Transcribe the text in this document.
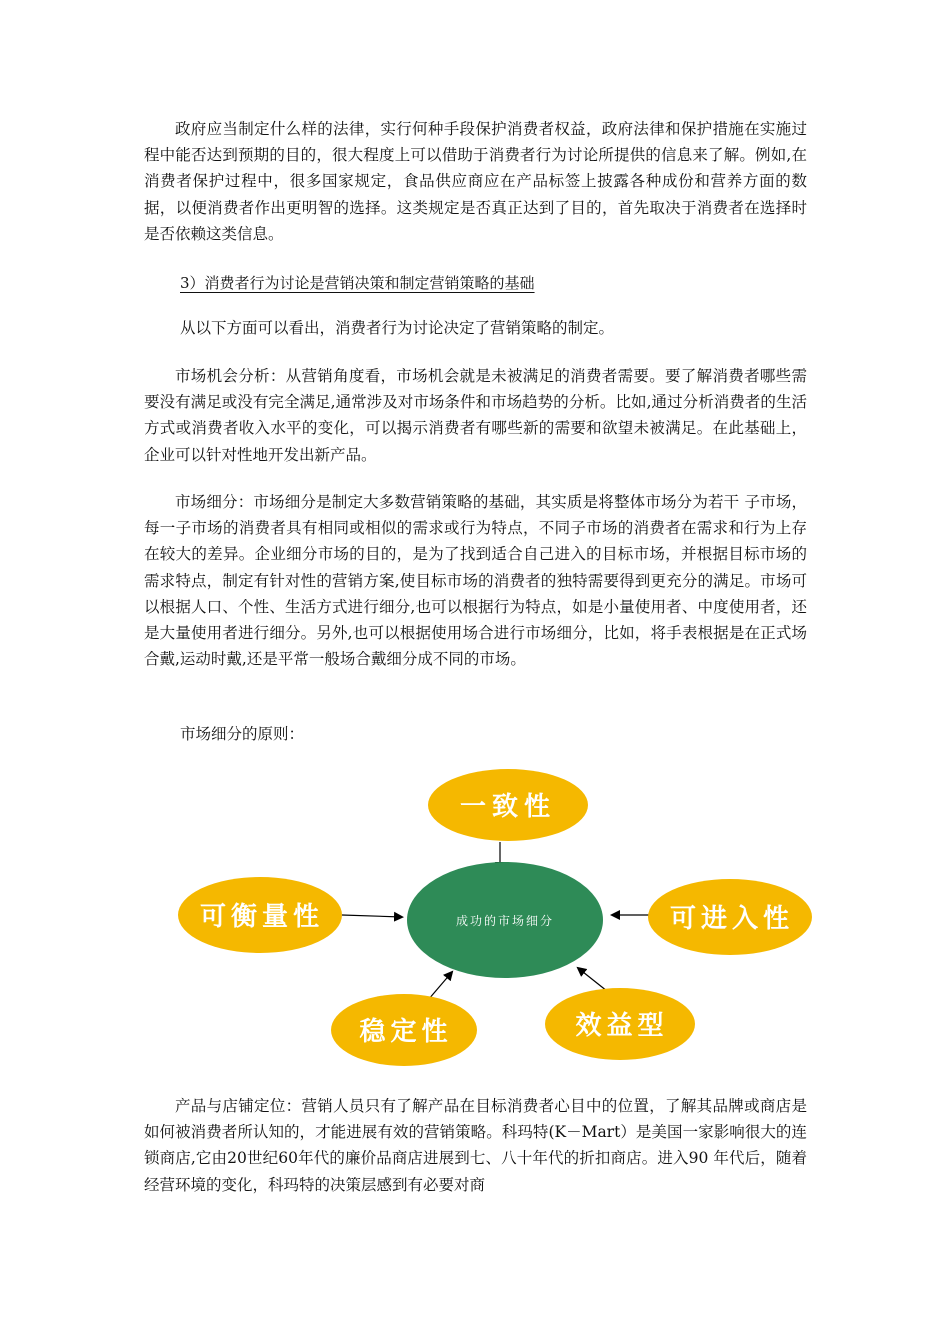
政府应当制定什么样的法律，实行何种手段保护消费者权益，政府法律和保护措施在实施过程中能否达到预期的目的，很大程度上可以借助于消费者行为讨论所提供的信息来了解。例如,在消费者保护过程中，很多国家规定，食品供应商应在产品标签上披露各种成份和营养方面的数据，以便消费者作出更明智的选择。这类规定是否真正达到了目的，首先取决于消费者在选择时是否依赖这类信息。

3）消费者行为讨论是营销决策和制定营销策略的基础

从以下方面可以看出，消费者行为讨论决定了营销策略的制定。

市场机会分析：从营销角度看，市场机会就是未被满足的消费者需要。要了解消费者哪些需要没有满足或没有完全满足,通常涉及对市场条件和市场趋势的分析。比如,通过分析消费者的生活方式或消费者收入水平的变化，可以揭示消费者有哪些新的需要和欲望未被满足。在此基础上，企业可以针对性地开发出新产品。

市场细分：市场细分是制定大多数营销策略的基础，其实质是将整体市场分为若干 子市场，每一子市场的消费者具有相同或相似的需求或行为特点，不同子市场的消费者在需求和行为上存在较大的差异。企业细分市场的目的，是为了找到适合自己进入的目标市场，并根据目标市场的需求特点，制定有针对性的营销方案,使目标市场的消费者的独特需要得到更充分的满足。市场可以根据人口、个性、生活方式进行细分,也可以根据行为特点，如是小量使用者、中度使用者，还是大量使用者进行细分。另外,也可以根据使用场合进行市场细分，比如，将手表根据是在正式场合戴,运动时戴,还是平常一般场合戴细分成不同的市场。

市场细分的原则：

成功的市场细分
一致性
可衡量性	可进入性
稳定性	效益型

产品与店铺定位：营销人员只有了解产品在目标消费者心目中的位置，了解其品牌或商店是如何被消费者所认知的，才能进展有效的营销策略。科玛特(K－Mart）是美国一家影响很大的连锁商店,它由20世纪60年代的廉价品商店进展到七、八十年代的折扣商店。进入90 年代后，随着经营环境的变化，科玛特的决策层感到有必要对商
